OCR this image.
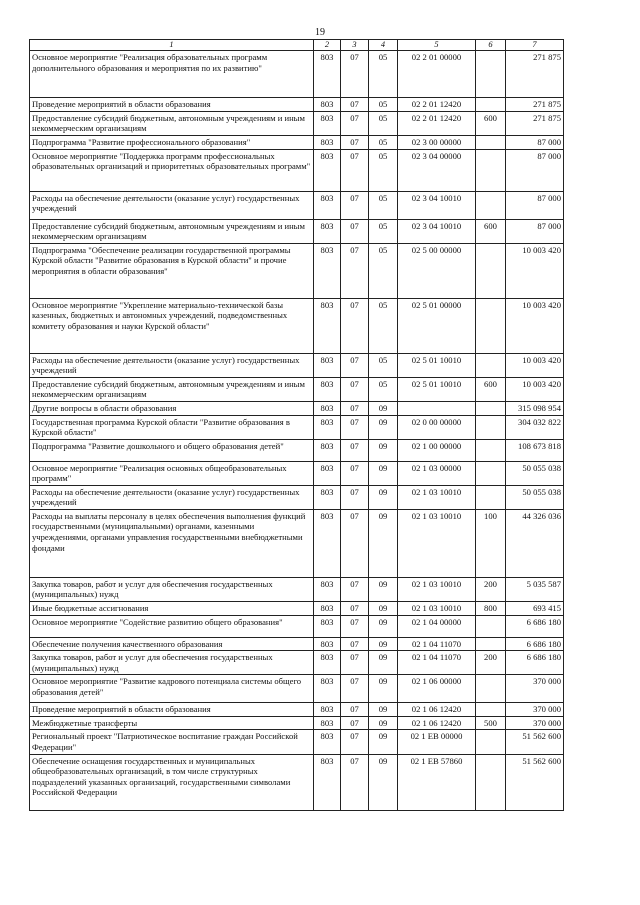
19
1	2	3	4	5	6	7
Основное мероприятие "Реализация образовательных программ дополнительного образования и мероприятия по их развитию"	803	07	05	02 2 01 00000		271 875
Проведение мероприятий в области образования	803	07	05	02 2 01 12420		271 875
Предоставление субсидий бюджетным, автономным учреждениям и иным некоммерческим организациям	803	07	05	02 2 01 12420	600	271 875
Подпрограмма "Развитие профессионального образования"	803	07	05	02 3 00 00000		87 000
Основное мероприятие "Поддержка программ профессиональных образовательных организаций и приоритетных образовательных программ"	803	07	05	02 3 04 00000		87 000
Расходы на обеспечение деятельности (оказание услуг) государственных учреждений	803	07	05	02 3 04 10010		87 000
Предоставление субсидий бюджетным, автономным учреждениям и иным некоммерческим организациям	803	07	05	02 3 04 10010	600	87 000
Подпрограмма "Обеспечение реализации государственной программы Курской области "Развитие образования в Курской области" и прочие мероприятия в области образования"	803	07	05	02 5 00 00000		10 003 420
Основное мероприятие "Укрепление материально-технической базы казенных, бюджетных и автономных учреждений, подведомственных комитету образования и науки Курской области"	803	07	05	02 5 01 00000		10 003 420
Расходы на обеспечение деятельности (оказание услуг) государственных учреждений	803	07	05	02 5 01 10010		10 003 420
Предоставление субсидий бюджетным, автономным учреждениям и иным некоммерческим организациям	803	07	05	02 5 01 10010	600	10 003 420
Другие вопросы в области образования	803	07	09			315 098 954
Государственная программа Курской области "Развитие образования в Курской области"	803	07	09	02 0 00 00000		304 032 822
Подпрограмма "Развитие дошкольного и общего образования детей"	803	07	09	02 1 00 00000		108 673 818
Основное мероприятие "Реализация основных общеобразовательных программ"	803	07	09	02 1 03 00000		50 055 038
Расходы на обеспечение деятельности (оказание услуг) государственных учреждений	803	07	09	02 1 03 10010		50 055 038
Расходы на выплаты персоналу в целях обеспечения выполнения функций государственными (муниципальными) органами, казенными учреждениями, органами управления государственными внебюджетными фондами	803	07	09	02 1 03 10010	100	44 326 036
Закупка товаров, работ и услуг для обеспечения государственных (муниципальных) нужд	803	07	09	02 1 03 10010	200	5 035 587
Иные бюджетные ассигнования	803	07	09	02 1 03 10010	800	693 415
Основное мероприятие "Содействие развитию общего образования"	803	07	09	02 1 04 00000		6 686 180
Обеспечение получения качественного образования	803	07	09	02 1 04 11070		6 686 180
Закупка товаров, работ и услуг для обеспечения государственных (муниципальных) нужд	803	07	09	02 1 04 11070	200	6 686 180
Основное мероприятие "Развитие кадрового потенциала системы общего образования детей"	803	07	09	02 1 06 00000		370 000
Проведение мероприятий в области образования	803	07	09	02 1 06 12420		370 000
Межбюджетные трансферты	803	07	09	02 1 06 12420	500	370 000
Региональный проект "Патриотическое воспитание граждан Российской Федерации"	803	07	09	02 1 EВ 00000		51 562 600
Обеспечение оснащения государственных и муниципальных общеобразовательных организаций, в том числе структурных подразделений указанных организаций, государственными символами Российской Федерации	803	07	09	02 1 EВ 57860		51 562 600
